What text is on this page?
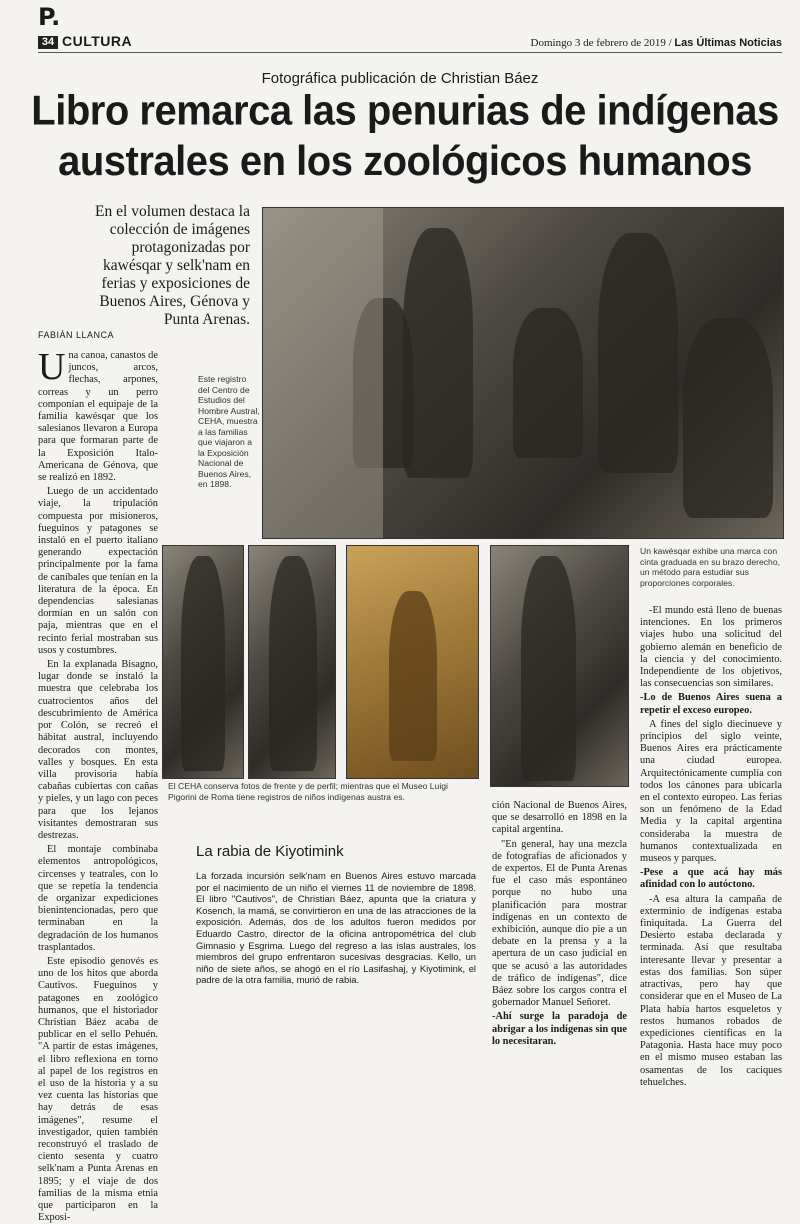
P.
34 CULTURA	Domingo 3 de febrero de 2019 / Las Últimas Noticias
Fotográfica publicación de Christian Báez
Libro remarca las penurias de indígenas
australes en los zoológicos humanos
En el volumen destaca la colección de imágenes protagonizadas por kawésqar y selk'nam en ferias y exposiciones de Buenos Aires, Génova y Punta Arenas.
FABIÁN LLANCA
Este registro del Centro de Estudios del Hombre Austral, CEHA, muestra a las familias que viajaron a la Exposición Nacional de Buenos Aires, en 1898.
El CEHA conserva fotos de frente y de perfil; mientras que el Museo Luigi Pigorini de Roma tiene registros de niños indígenas austra es.
Un kawésqar exhibe una marca con cinta graduada en su brazo derecho, un método para estudiar sus proporciones corporales.

Una canoa, canastos de juncos, arcos, flechas, arpones, correas y un perro componían el equipaje de la familia kawésqar que los salesianos llevaron a Europa para que formaran parte de la Exposición Italo-Americana de Génova, que se realizó en 1892.

Luego de un accidentado viaje, la tripulación compuesta por misioneros, fueguinos y patagones se instaló en el puerto italiano generando expectación principalmente por la fama de caníbales que tenían en la literatura de la época. En dependencias salesianas dormían en un salón con paja, mientras que en el recinto ferial mostraban sus usos y costumbres.

En la explanada Bisagno, lugar donde se instaló la muestra que celebraba los cuatrocientos años del descubrimiento de América por Colón, se recreó el hábitat austral, incluyendo decorados con montes, valles y bosques. En esta villa provisoria había cabañas cubiertas con cañas y pieles, y un lago con peces para que los lejanos visitantes demostraran sus destrezas.

El montaje combinaba elementos antropológicos, circenses y teatrales, con lo que se repetía la tendencia de organizar expediciones bienintencionadas, pero que terminaban en la degradación de los humanos trasplantados.

Este episodio genovés es uno de los hitos que aborda Cautivos. Fueguinos y patagones en zoológico humanos, que el historiador Christian Báez acaba de publicar en el sello Pehuén. "A partir de estas imágenes, el libro reflexiona en torno al papel de los registros en el uso de la historia y a su vez cuenta las historias que hay detrás de esas imágenes", resume el investigador, quien también reconstruyó el traslado de ciento sesenta y cuatro selk'nam a Punta Arenas en 1895; y el viaje de dos familias de la misma etnia que participaron en la Exposi-

La rabia de Kiyotimink
La forzada incursión selk'nam en Buenos Aires estuvo marcada por el nacimiento de un niño el viernes 11 de noviembre de 1898. El libro "Cautivos", de Christian Báez, apunta que la criatura y Kosench, la mamá, se convirtieron en una de las atracciones de la exposición. Además, dos de los adultos fueron medidos por Eduardo Castro, director de la oficina antropométrica del club Gimnasio y Esgrima. Luego del regreso a las islas australes, los miembros del grupo enfrentaron sucesivas desgracias. Kello, un niño de siete años, se ahogó en el río Lasifashaj, y Kiyotimink, el padre de la otra familia, murió de rabia.

ción Nacional de Buenos Aires, que se desarrolló en 1898 en la capital argentina.

"En general, hay una mezcla de fotografías de aficionados y de expertos. El de Punta Arenas fue el caso más espontáneo porque no hubo una planificación para mostrar indígenas en un contexto de exhibición, aunque dio pie a un debate en la prensa y a la apertura de un caso judicial en que se acusó a las autoridades de tráfico de indígenas", dice Báez sobre los cargos contra el gobernador Manuel Señoret.

-Ahí surge la paradoja de abrigar a los indígenas sin que lo necesitaran.

-El mundo está lleno de buenas intenciones. En los primeros viajes hubo una solicitud del gobierno alemán en beneficio de la ciencia y del conocimiento. Independiente de los objetivos, las consecuencias son similares.

-Lo de Buenos Aires suena a repetir el exceso europeo.

A fines del siglo diecinueve y principios del siglo veinte, Buenos Aires era prácticamente una ciudad europea. Arquitectónicamente cumplía con todos los cánones para ubicarla en el contexto europeo. Las ferias son un fenómeno de la Edad Media y la capital argentina consideraba la muestra de humanos contextualizada en museos y parques.

-Pese a que acá hay más afinidad con lo autóctono.

-A esa altura la campaña de exterminio de indígenas estaba finiquitada. La Guerra del Desierto estaba declarada y terminada. Así que resultaba interesante llevar y presentar a estas dos familias. Son súper atractivas, pero hay que considerar que en el Museo de La Plata había hartos esqueletos y restos humanos robados de expediciones científicas en la Patagonia. Hasta hace muy poco en el mismo museo estaban las osamentas de los caciques tehuelches.
